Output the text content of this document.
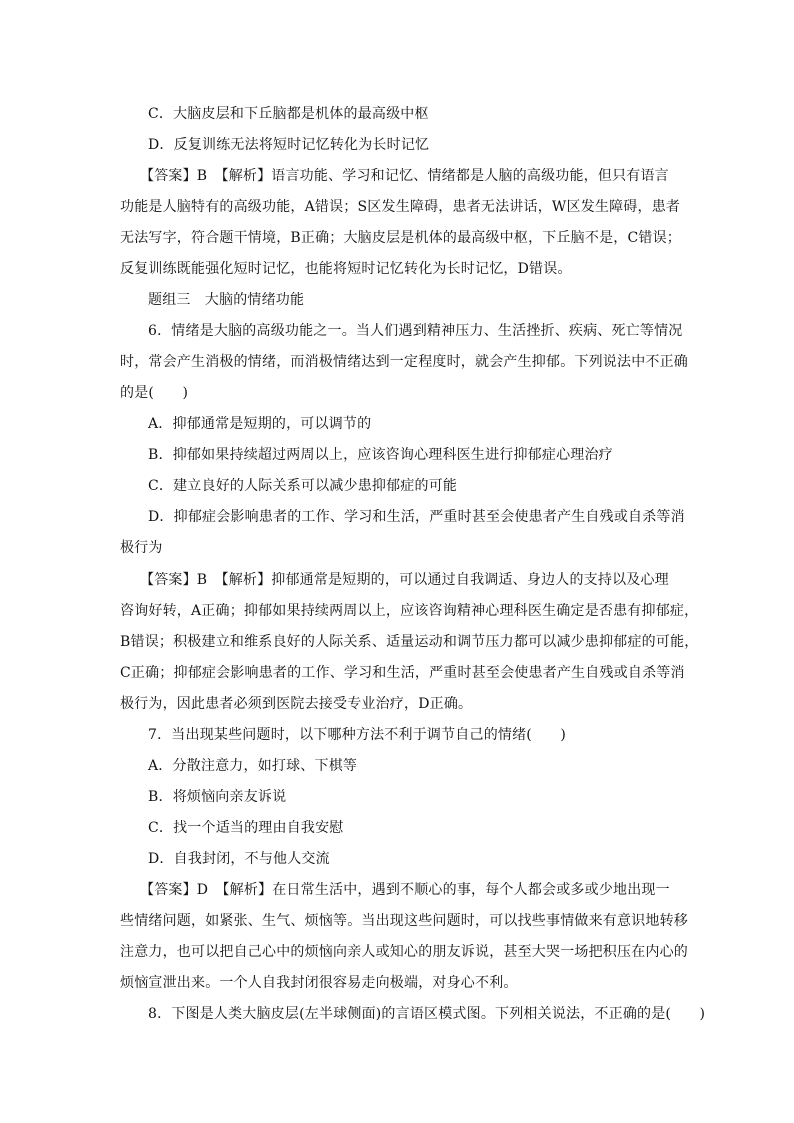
C．大脑皮层和下丘脑都是机体的最高级中枢
D．反复训练无法将短时记忆转化为长时记忆
【答案】B　【解析】语言功能、学习和记忆、情绪都是人脑的高级功能，但只有语言
功能是人脑特有的高级功能，A错误；S区发生障碍，患者无法讲话，W区发生障碍，患者
无法写字，符合题干情境，B正确；大脑皮层是机体的最高级中枢，下丘脑不是，C错误；
反复训练既能强化短时记忆，也能将短时记忆转化为长时记忆，D错误。
题组三　大脑的情绪功能
6．情绪是大脑的高级功能之一。当人们遇到精神压力、生活挫折、疾病、死亡等情况
时，常会产生消极的情绪，而消极情绪达到一定程度时，就会产生抑郁。下列说法中不正确
的是(　　)
A．抑郁通常是短期的，可以调节的
B．抑郁如果持续超过两周以上，应该咨询心理科医生进行抑郁症心理治疗
C．建立良好的人际关系可以减少患抑郁症的可能
D．抑郁症会影响患者的工作、学习和生活，严重时甚至会使患者产生自残或自杀等消
极行为
【答案】B　【解析】抑郁通常是短期的，可以通过自我调适、身边人的支持以及心理
咨询好转，A正确；抑郁如果持续两周以上，应该咨询精神心理科医生确定是否患有抑郁症，
B错误；积极建立和维系良好的人际关系、适量运动和调节压力都可以减少患抑郁症的可能，
C正确；抑郁症会影响患者的工作、学习和生活，严重时甚至会使患者产生自残或自杀等消
极行为，因此患者必须到医院去接受专业治疗，D正确。
7．当出现某些问题时，以下哪种方法不利于调节自己的情绪(　　)
A．分散注意力，如打球、下棋等
B．将烦恼向亲友诉说
C．找一个适当的理由自我安慰
D．自我封闭，不与他人交流
【答案】D　【解析】在日常生活中，遇到不顺心的事，每个人都会或多或少地出现一
些情绪问题，如紧张、生气、烦恼等。当出现这些问题时，可以找些事情做来有意识地转移
注意力，也可以把自己心中的烦恼向亲人或知心的朋友诉说，甚至大哭一场把积压在内心的
烦恼宣泄出来。一个人自我封闭很容易走向极端，对身心不利。
8．下图是人类大脑皮层(左半球侧面)的言语区模式图。下列相关说法，不正确的是(　　)
